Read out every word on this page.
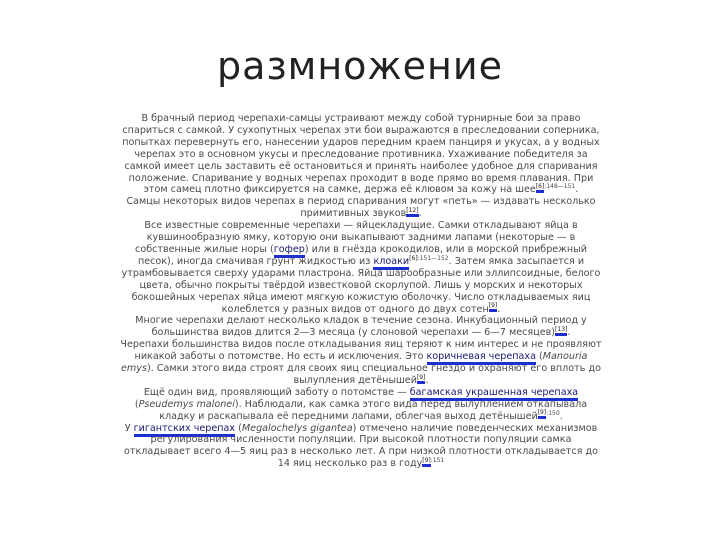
размножение

В брачный период черепахи-самцы устраивают между собой турнирные бои за право спариться с самкой. У сухопутных черепах эти бои выражаются в преследовании соперника, попытках перевернуть его, нанесении ударов передним краем панциря и укусах, а у водных черепах это в основном укусы и преследование противника. Ухаживание победителя за самкой имеет цель заставить её остановиться и принять наиболее удобное для спаривания положение. Спаривание у водных черепах проходит в воде прямо во время плавания. При этом самец плотно фиксируется на самке, держа её клювом за кожу на шее$^{[6]:148—151}$.

Самцы некоторых видов черепах в период спаривания могут «петь» — издавать несколько примитивных звуков[12].

Все известные современные черепахи — яйцекладущие. Самки откладывают яйца в кувшинообразную ямку, которую они выкапывают задними лапами (некоторые — в собственные жилые норы (гофер) или в гнёзда крокодилов, или в морской прибрежный песок), иногда смачивая грунт жидкостью из клоаки$^{[6]:151—152}$. Затем ямка засыпается и утрамбовывается сверху ударами пластрона. Яйца шарообразные или эллипсоидные, белого цвета, обычно покрыты твёрдой известковой скорлупой. Лишь у морских и некоторых бокошейных черепах яйца имеют мягкую кожистую оболочку. Число откладываемых яиц колеблется у разных видов от одного до двух сотен[9].

Многие черепахи делают несколько кладок в течение сезона. Инкубационный период у большинства видов длится 2—3 месяца (у слоновой черепахи — 6—7 месяцев)[13].

Черепахи большинства видов после откладывания яиц теряют к ним интерес и не проявляют никакой заботы о потомстве. Но есть и исключения. Это коричневая черепаха (Manouria emys). Самки этого вида строят для своих яиц специальное гнездо и охраняют его вплоть до вылупления детёнышей[9].

Ещё один вид, проявляющий заботу о потомстве — багамская украшенная черепаха (Pseudemys malonei). Наблюдали, как самка этого вида перед вылуплением откапывала кладку и раскапывала её передними лапами, облегчая выход детёнышей$^{[9]:150}$.

У гигантских черепах (Megalochelys gigantea) отмечено наличие поведенческих механизмов регулирования численности популяции. При высокой плотности популяции самка откладывает всего 4—5 яиц раз в несколько лет. А при низкой плотности откладывается до 14 яиц несколько раз в году$^{[9]:151}$
